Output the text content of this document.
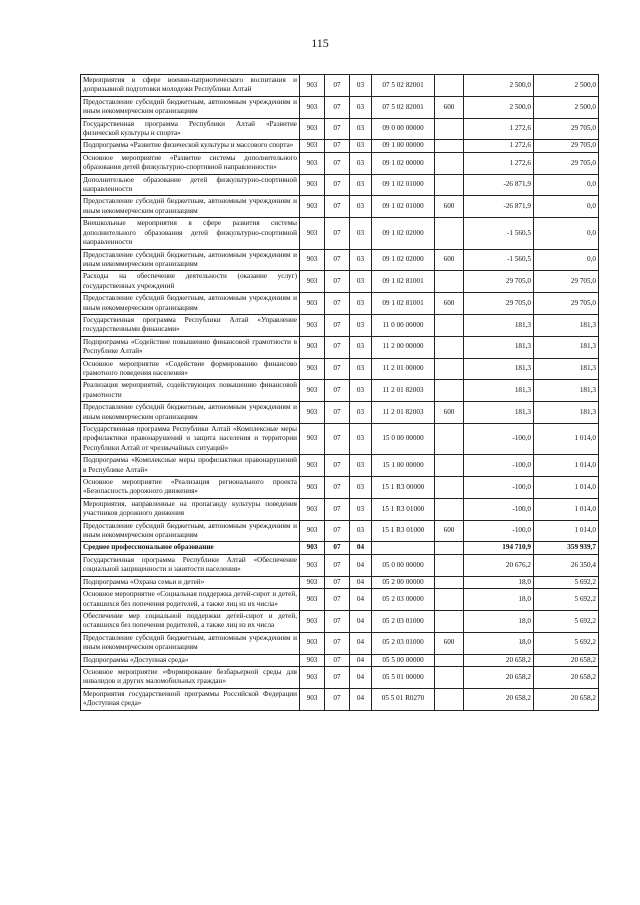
115
Мероприятия в сфере военно-патриотического воспитания и допризывной подготовки молодежи Республики Алтай	903	07	03	07 5 02 82001		2 500,0	2 500,0
Предоставление субсидий бюджетным, автономным учреждениям и иным некоммерческим организациям	903	07	03	07 5 02 82001	600	2 500,0	2 500,0
Государственная программа Республики Алтай «Развитие физической культуры и спорта»	903	07	03	09 0 00 00000		1 272,6	29 705,0
Подпрограмма «Развитие физической культуры и массового спорта»	903	07	03	09 1 00 00000		1 272,6	29 705,0
Основное мероприятие «Развитие системы дополнительного образования детей физкультурно-спортивной направленности»	903	07	03	09 1 02 00000		1 272,6	29 705,0
Дополнительное образование детей физкультурно-спортивной направленности	903	07	03	09 1 02 01000		-26 871,9	0,0
Предоставление субсидий бюджетным, автономным учреждениям и иным некоммерческим организациям	903	07	03	09 1 02 01000	600	-26 871,9	0,0
Внешкольные мероприятия в сфере развития системы дополнительного образования детей физкультурно-спортивной направленности	903	07	03	09 1 02 02000		-1 560,5	0,0
Предоставление субсидий бюджетным, автономным учреждениям и иным некоммерческим организациям	903	07	03	09 1 02 02000	600	-1 560,5	0,0
Расходы на обеспечение деятельности (оказание услуг) государственных учреждений	903	07	03	09 1 02 81001		29 705,0	29 705,0
Предоставление субсидий бюджетным, автономным учреждениям и иным некоммерческим организациям	903	07	03	09 1 02 81001	600	29 705,0	29 705,0
Государственная программа Республики Алтай «Управление государственными финансами»	903	07	03	11 0 00 00000		181,3	181,3
Подпрограмма «Содействие повышению финансовой грамотности в Республике Алтай»	903	07	03	11 2 00 00000		181,3	181,3
Основное мероприятие «Содействие формированию финансово грамотного поведения населения»	903	07	03	11 2 01 00000		181,3	181,3
Реализация мероприятий, содействующих повышению финансовой грамотности	903	07	03	11 2 01 82003		181,3	181,3
Предоставление субсидий бюджетным, автономным учреждениям и иным некоммерческим организациям	903	07	03	11 2 01 82003	600	181,3	181,3
Государственная программа Республики Алтай «Комплексные меры профилактики правонарушений и защита населения и территории Республики Алтай от чрезвычайных ситуаций»	903	07	03	15 0 00 00000		-100,0	1 014,0
Подпрограмма «Комплексные меры профилактики правонарушений в Республике Алтай»	903	07	03	15 1 00 00000		-100,0	1 014,0
Основное мероприятие «Реализация регионального проекта «Безопасность дорожного движения»	903	07	03	15 1 R3 00000		-100,0	1 014,0
Мероприятия, направленные на пропаганду культуры поведения участников дорожного движения	903	07	03	15 1 R3 01000		-100,0	1 014,0
Предоставление субсидий бюджетным, автономным учреждениям и иным некоммерческим организациям	903	07	03	15 1 R3 01000	600	-100,0	1 014,0
Среднее профессиональное образование	903	07	04			194 710,9	359 939,7
Государственная программа Республики Алтай «Обеспечение социальной защищенности и занятости населения»	903	07	04	05 0 00 00000		20 676,2	26 350,4
Подпрограмма «Охрана семьи и детей»	903	07	04	05 2 00 00000		18,0	5 692,2
Основное мероприятие «Социальная поддержка детей-сирот и детей, оставшихся без попечения родителей, а также лиц из их числа»	903	07	04	05 2 03 00000		18,0	5 692,2
Обеспечение мер социальной поддержки детей-сирот и детей, оставшихся без попечения родителей, а также лиц из их числа	903	07	04	05 2 03 01000		18,0	5 692,2
Предоставление субсидий бюджетным, автономным учреждениям и иным некоммерческим организациям	903	07	04	05 2 03 01000	600	18,0	5 692,2
Подпрограмма «Доступная среда»	903	07	04	05 5 00 00000		20 658,2	20 658,2
Основное мероприятие «Формирование безбарьерной среды для инвалидов и других маломобильных граждан»	903	07	04	05 5 01 00000		20 658,2	20 658,2
Мероприятия государственной программы Российской Федерации «Доступная среда»	903	07	04	05 5 01 R0270		20 658,2	20 658,2
